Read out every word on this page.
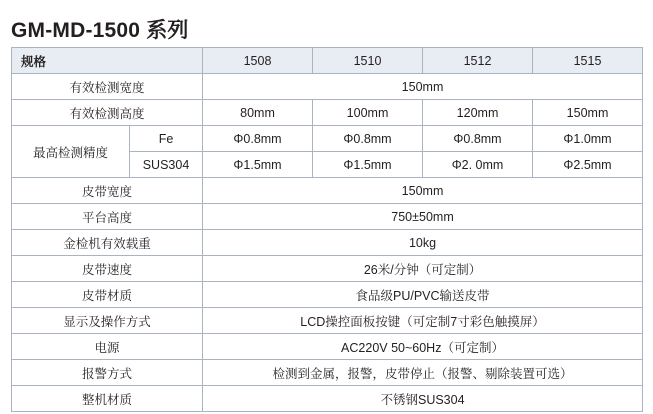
GM-MD-1500 系列
规格		1508	1510	1512	1515
有效检测宽度		150mm			
有效检测高度		80mm	100mm	120mm	150mm
最高检测精度	Fe	Φ0.8mm	Φ0.8mm	Φ0.8mm	Φ1.0mm
	SUS304	Φ1.5mm	Φ1.5mm	Φ2. 0mm	Φ2.5mm
皮带宽度		150mm			
平台高度		750±50mm			
金检机有效载重		10kg			
皮带速度		26米/分钟（可定制）			
皮带材质		食品级PU/PVC输送皮带			
显示及操作方式		LCD操控面板按键（可定制7寸彩色触摸屏）			
电源		AC220V 50~60Hz（可定制）			
报警方式		检测到金属，报警，皮带停止（报警、剔除装置可选）			
整机材质		不锈钢SUS304			
